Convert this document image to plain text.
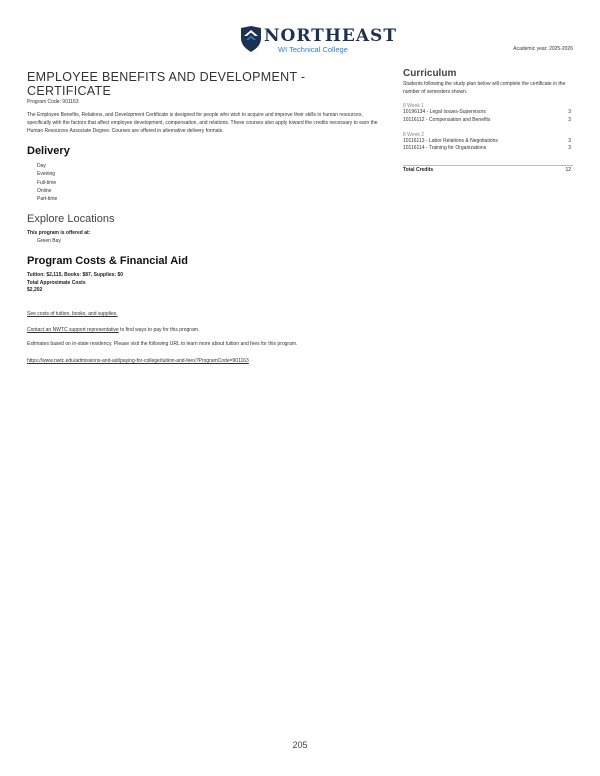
NORTHEAST
WI Technical College	Academic year: 2025-2026
EMPLOYEE BENEFITS AND DEVELOPMENT -
CERTIFICATE
Program Code: 901163
The Employee Benefits, Relations, and Development Certificate is designed for people who wish to acquire and improve their skills in human resources, specifically with the factors that affect employee development, compensation, and relations. These courses also apply toward the credits necessary to earn the Human Resources Associate Degree. Courses are offered in alternative delivery formats.
Delivery
Day
Evening
Full-time
Online
Part-time
Explore Locations
This program is offered at:
Green Bay
Program Costs & Financial Aid
Tuition: $2,115, Books: $87, Supplies: $0
Total Approximate Costs
$2,202
See costs of tuition, books, and supplies.
Contact an NWTC support representative to find ways to pay for this program.
Estimates based on in-state residency. Please visit the following URL to learn more about tuition and fees for this program.
https://www.nwtc.edu/admissions-and-aid/paying-for-college/tuition-and-fees?ProgramCode=901163
Curriculum
Students following the study plan below will complete the certificate in the number of semesters shown.
8 Week 1
10196134 - Legal Issues-Supervisors	3
10116112 - Compensation and Benefits	3
8 Week 2
10116113 - Labor Relations & Negotiations	3
10116114 - Training for Organizations	3
Total Credits	12
205
